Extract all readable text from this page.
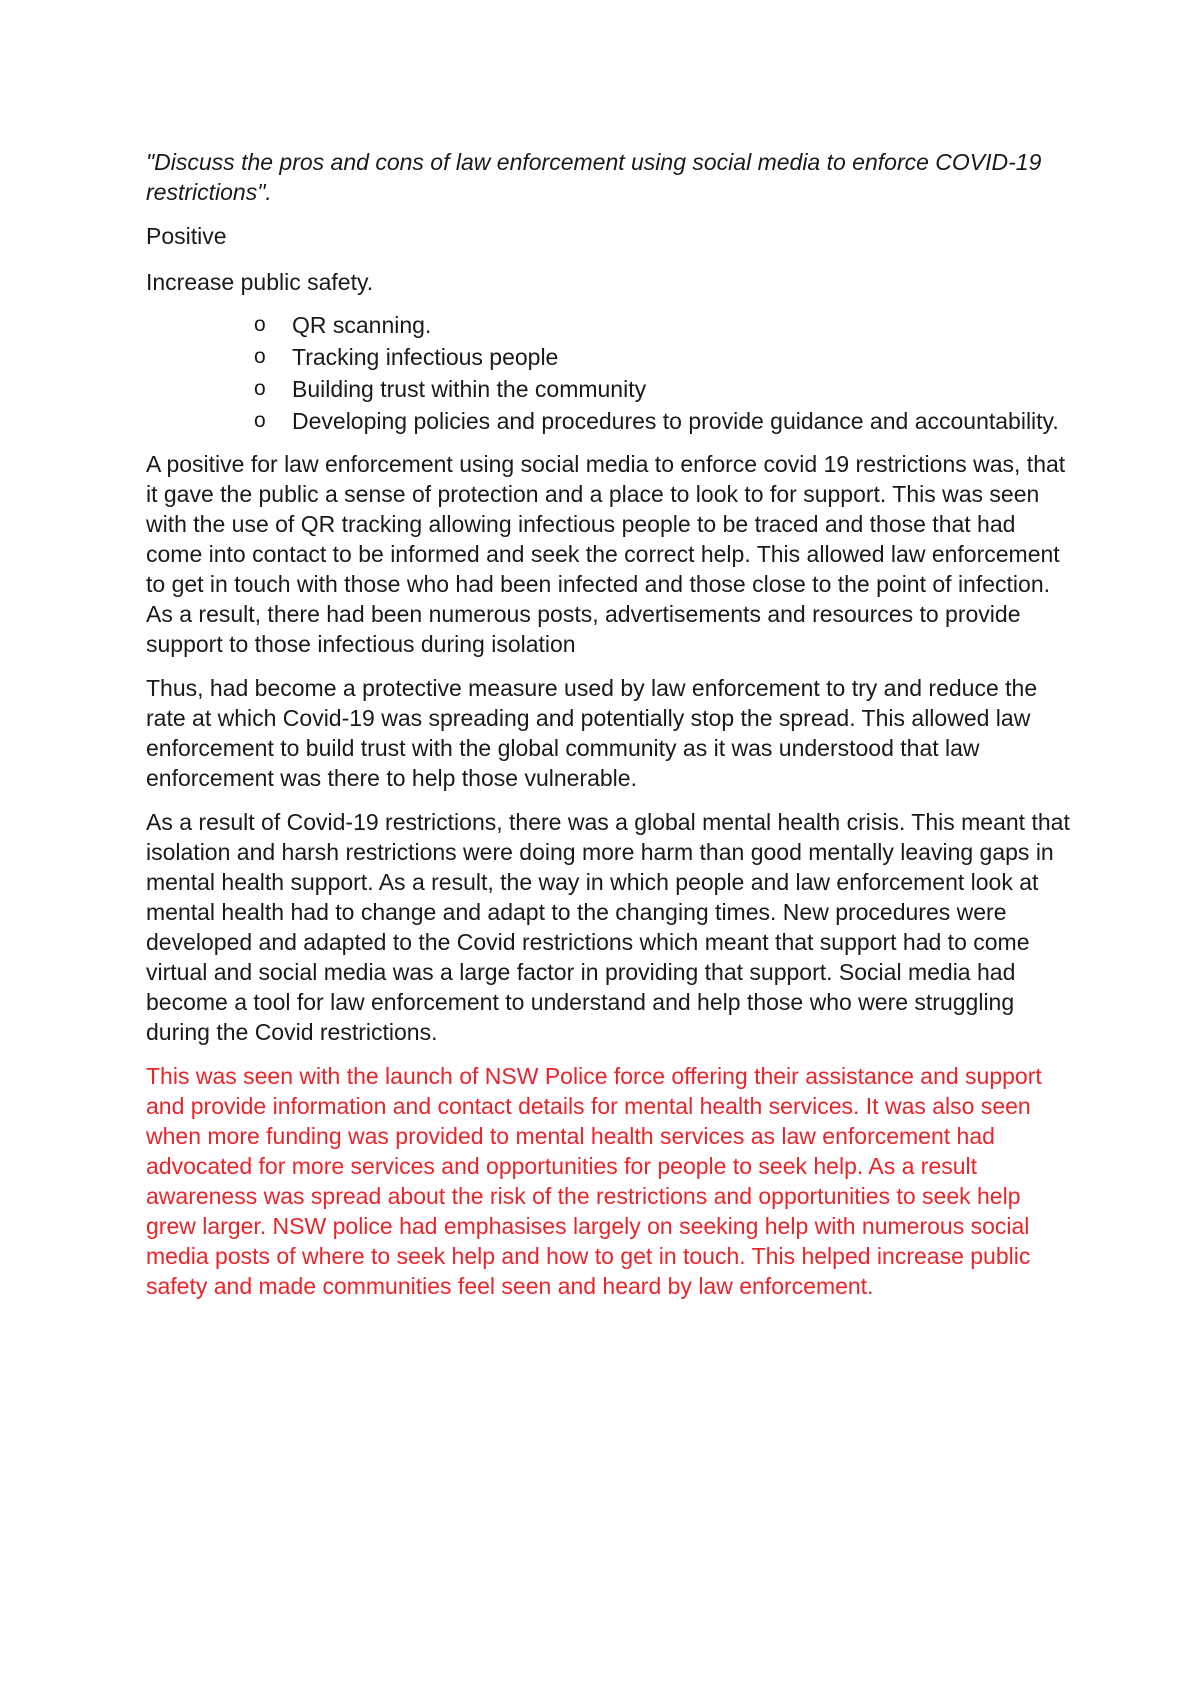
"Discuss the pros and cons of law enforcement using social media to enforce COVID-19 restrictions".

Positive

Increase public safety.

o QR scanning.
o Tracking infectious people
o Building trust within the community
o Developing policies and procedures to provide guidance and accountability.

A positive for law enforcement using social media to enforce covid 19 restrictions was, that it gave the public a sense of protection and a place to look to for support. This was seen with the use of QR tracking allowing infectious people to be traced and those that had come into contact to be informed and seek the correct help. This allowed law enforcement to get in touch with those who had been infected and those close to the point of infection. As a result, there had been numerous posts, advertisements and resources to provide support to those infectious during isolation

Thus, had become a protective measure used by law enforcement to try and reduce the rate at which Covid-19 was spreading and potentially stop the spread. This allowed law enforcement to build trust with the global community as it was understood that law enforcement was there to help those vulnerable.

As a result of Covid-19 restrictions, there was a global mental health crisis. This meant that isolation and harsh restrictions were doing more harm than good mentally leaving gaps in mental health support. As a result, the way in which people and law enforcement look at mental health had to change and adapt to the changing times. New procedures were developed and adapted to the Covid restrictions which meant that support had to come virtual and social media was a large factor in providing that support. Social media had become a tool for law enforcement to understand and help those who were struggling during the Covid restrictions.

This was seen with the launch of NSW Police force offering their assistance and support and provide information and contact details for mental health services. It was also seen when more funding was provided to mental health services as law enforcement had advocated for more services and opportunities for people to seek help. As a result awareness was spread about the risk of the restrictions and opportunities to seek help grew larger. NSW police had emphasises largely on seeking help with numerous social media posts of where to seek help and how to get in touch. This helped increase public safety and made communities feel seen and heard by law enforcement.
